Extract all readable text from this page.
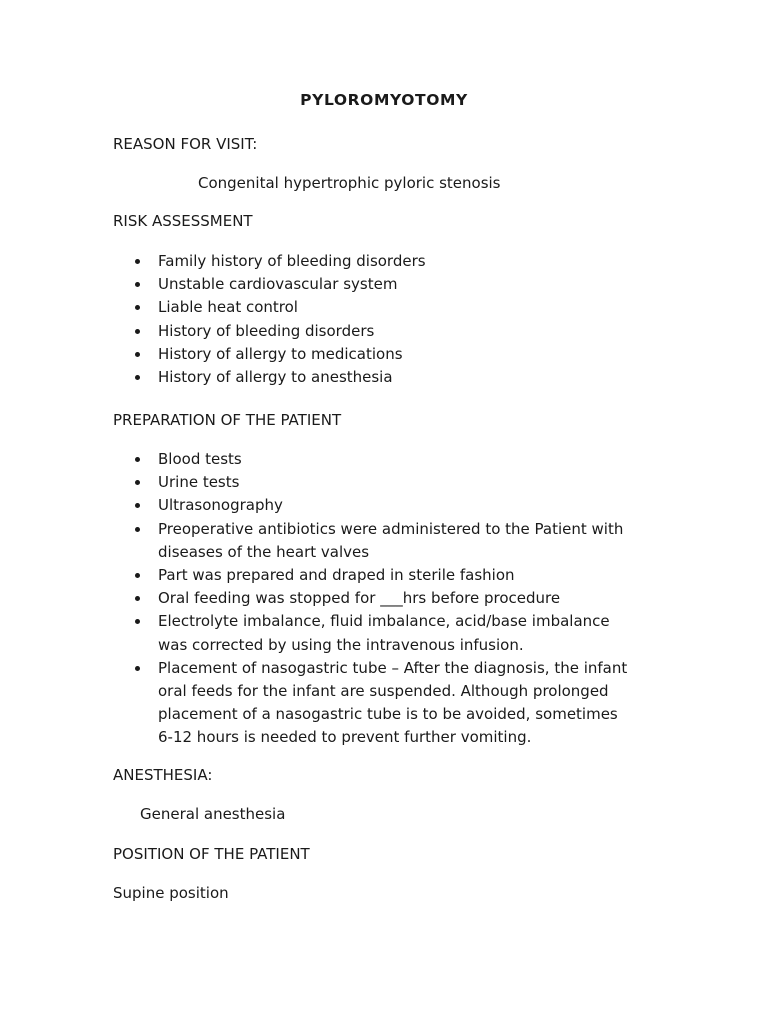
PYLOROMYOTOMY
REASON FOR VISIT:
Congenital hypertrophic pyloric stenosis
RISK ASSESSMENT
Family history of bleeding disorders
Unstable cardiovascular system
Liable heat control
History of bleeding disorders
History of allergy to medications
History of allergy to anesthesia
PREPARATION OF THE PATIENT
Blood tests
Urine tests
Ultrasonography
Preoperative antibiotics were administered to the Patient with diseases of the heart valves
Part was prepared and draped in sterile fashion
Oral feeding was stopped for ___hrs before procedure
Electrolyte imbalance, fluid imbalance, acid/base imbalance was corrected by using the intravenous infusion.
Placement of nasogastric tube – After the diagnosis, the infant oral feeds for the infant are suspended. Although prolonged placement of a nasogastric tube is to be avoided, sometimes 6-12 hours is needed to prevent further vomiting.
ANESTHESIA:
General anesthesia
POSITION OF THE PATIENT
Supine position
